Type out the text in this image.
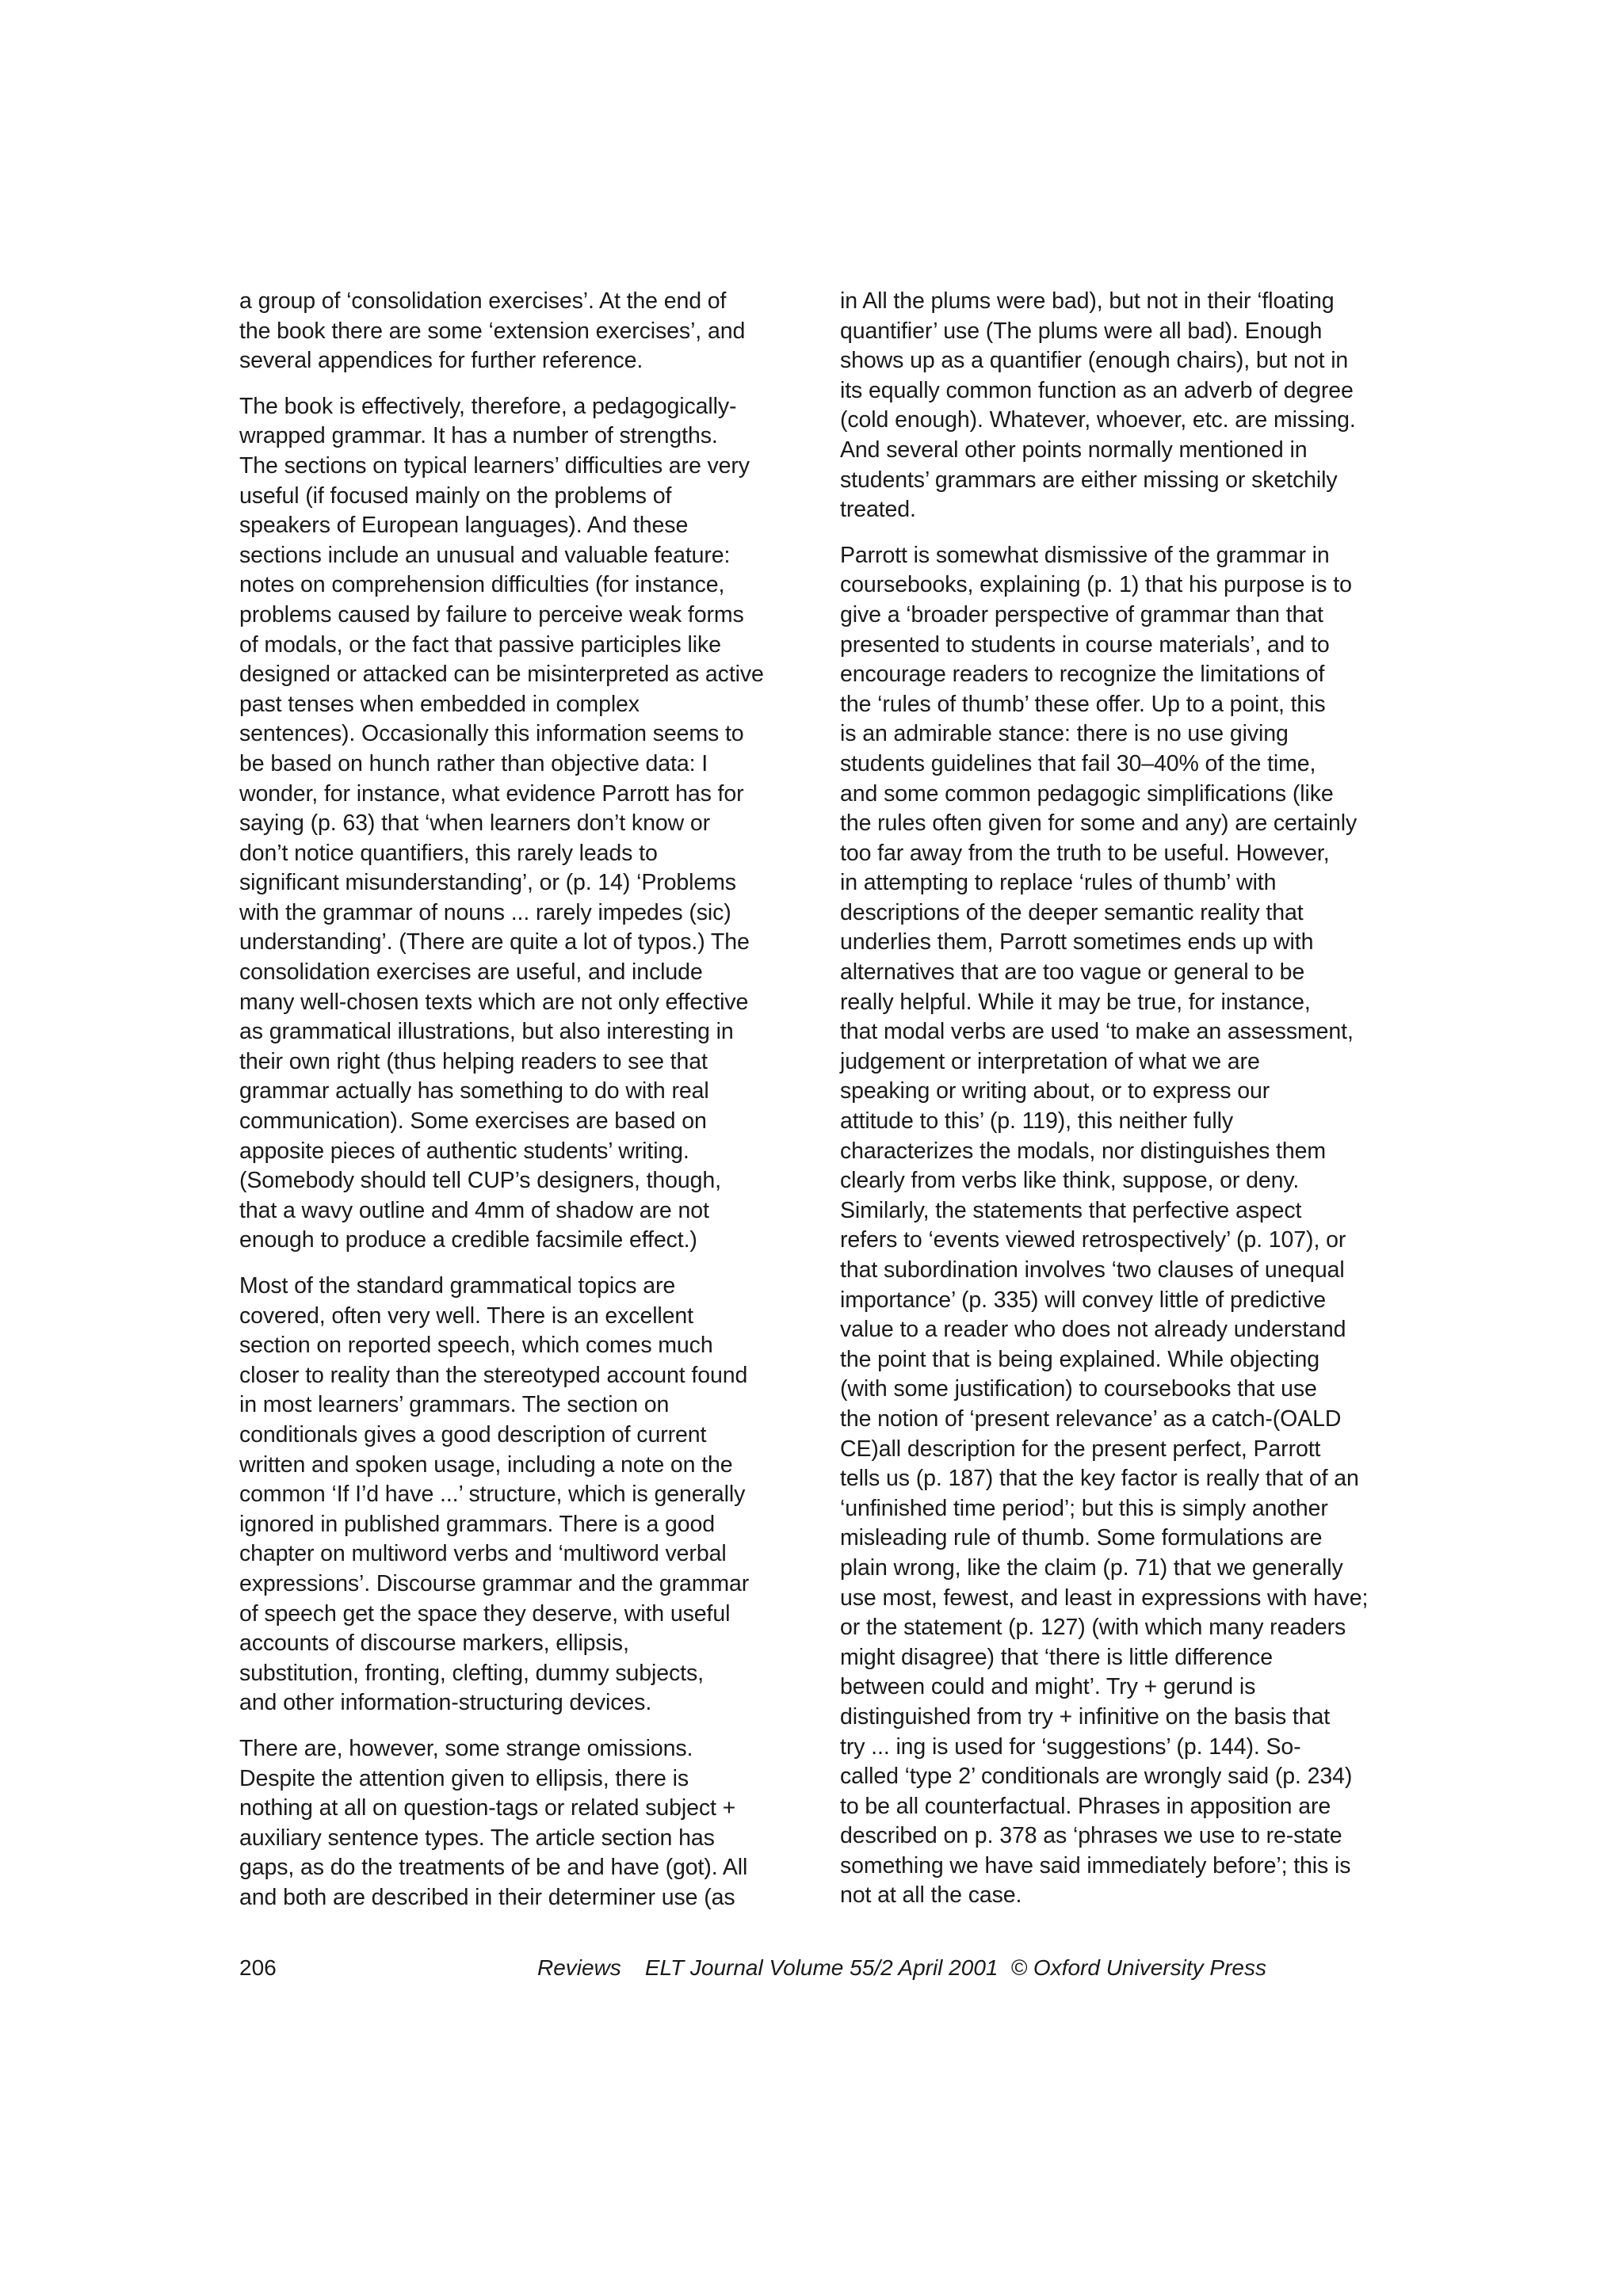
a group of ‘consolidation exercises’. At the end of
the book there are some ‘extension exercises’, and
several appendices for further reference.

The book is effectively, therefore, a pedagogically-
wrapped grammar. It has a number of strengths.
The sections on typical learners’ difficulties are very
useful (if focused mainly on the problems of
speakers of European languages). And these
sections include an unusual and valuable feature:
notes on comprehension difficulties (for instance,
problems caused by failure to perceive weak forms
of modals, or the fact that passive participles like
designed or attacked can be misinterpreted as active
past tenses when embedded in complex
sentences). Occasionally this information seems to
be based on hunch rather than objective data: I
wonder, for instance, what evidence Parrott has for
saying (p. 63) that ‘when learners don’t know or
don’t notice quantifiers, this rarely leads to
significant misunderstanding’, or (p. 14) ‘Problems
with the grammar of nouns ... rarely impedes (sic)
understanding’. (There are quite a lot of typos.) The
consolidation exercises are useful, and include
many well-chosen texts which are not only effective
as grammatical illustrations, but also interesting in
their own right (thus helping readers to see that
grammar actually has something to do with real
communication). Some exercises are based on
apposite pieces of authentic students’ writing.
(Somebody should tell CUP’s designers, though,
that a wavy outline and 4mm of shadow are not
enough to produce a credible facsimile effect.)

Most of the standard grammatical topics are
covered, often very well. There is an excellent
section on reported speech, which comes much
closer to reality than the stereotyped account found
in most learners’ grammars. The section on
conditionals gives a good description of current
written and spoken usage, including a note on the
common ‘If I’d have ...’ structure, which is generally
ignored in published grammars. There is a good
chapter on multiword verbs and ‘multiword verbal
expressions’. Discourse grammar and the grammar
of speech get the space they deserve, with useful
accounts of discourse markers, ellipsis,
substitution, fronting, clefting, dummy subjects,
and other information-structuring devices.

There are, however, some strange omissions.
Despite the attention given to ellipsis, there is
nothing at all on question-tags or related subject +
auxiliary sentence types. The article section has
gaps, as do the treatments of be and have (got). All
and both are described in their determiner use (as

in All the plums were bad), but not in their ‘floating
quantifier’ use (The plums were all bad). Enough
shows up as a quantifier (enough chairs), but not in
its equally common function as an adverb of degree
(cold enough). Whatever, whoever, etc. are missing.
And several other points normally mentioned in
students’ grammars are either missing or sketchily
treated.

Parrott is somewhat dismissive of the grammar in
coursebooks, explaining (p. 1) that his purpose is to
give a ‘broader perspective of grammar than that
presented to students in course materials’, and to
encourage readers to recognize the limitations of
the ‘rules of thumb’ these offer. Up to a point, this
is an admirable stance: there is no use giving
students guidelines that fail 30–40% of the time,
and some common pedagogic simplifications (like
the rules often given for some and any) are certainly
too far away from the truth to be useful. However,
in attempting to replace ‘rules of thumb’ with
descriptions of the deeper semantic reality that
underlies them, Parrott sometimes ends up with
alternatives that are too vague or general to be
really helpful. While it may be true, for instance,
that modal verbs are used ‘to make an assessment,
judgement or interpretation of what we are
speaking or writing about, or to express our
attitude to this’ (p. 119), this neither fully
characterizes the modals, nor distinguishes them
clearly from verbs like think, suppose, or deny.
Similarly, the statements that perfective aspect
refers to ‘events viewed retrospectively’ (p. 107), or
that subordination involves ‘two clauses of unequal
importance’ (p. 335) will convey little of predictive
value to a reader who does not already understand
the point that is being explained. While objecting
(with some justification) to coursebooks that use
the notion of ‘present relevance’ as a catch-(OALD
CE)all description for the present perfect, Parrott
tells us (p. 187) that the key factor is really that of an
‘unfinished time period’; but this is simply another
misleading rule of thumb. Some formulations are
plain wrong, like the claim (p. 71) that we generally
use most, fewest, and least in expressions with have;
or the statement (p. 127) (with which many readers
might disagree) that ‘there is little difference
between could and might’. Try + gerund is
distinguished from try + infinitive on the basis that
try ... ing is used for ‘suggestions’ (p. 144). So-
called ‘type 2’ conditionals are wrongly said (p. 234)
to be all counterfactual. Phrases in apposition are
described on p. 378 as ‘phrases we use to re-state
something we have said immediately before’; this is
not at all the case.

206	Reviews ELT Journal Volume 55/2 April 2001 © Oxford University Press
